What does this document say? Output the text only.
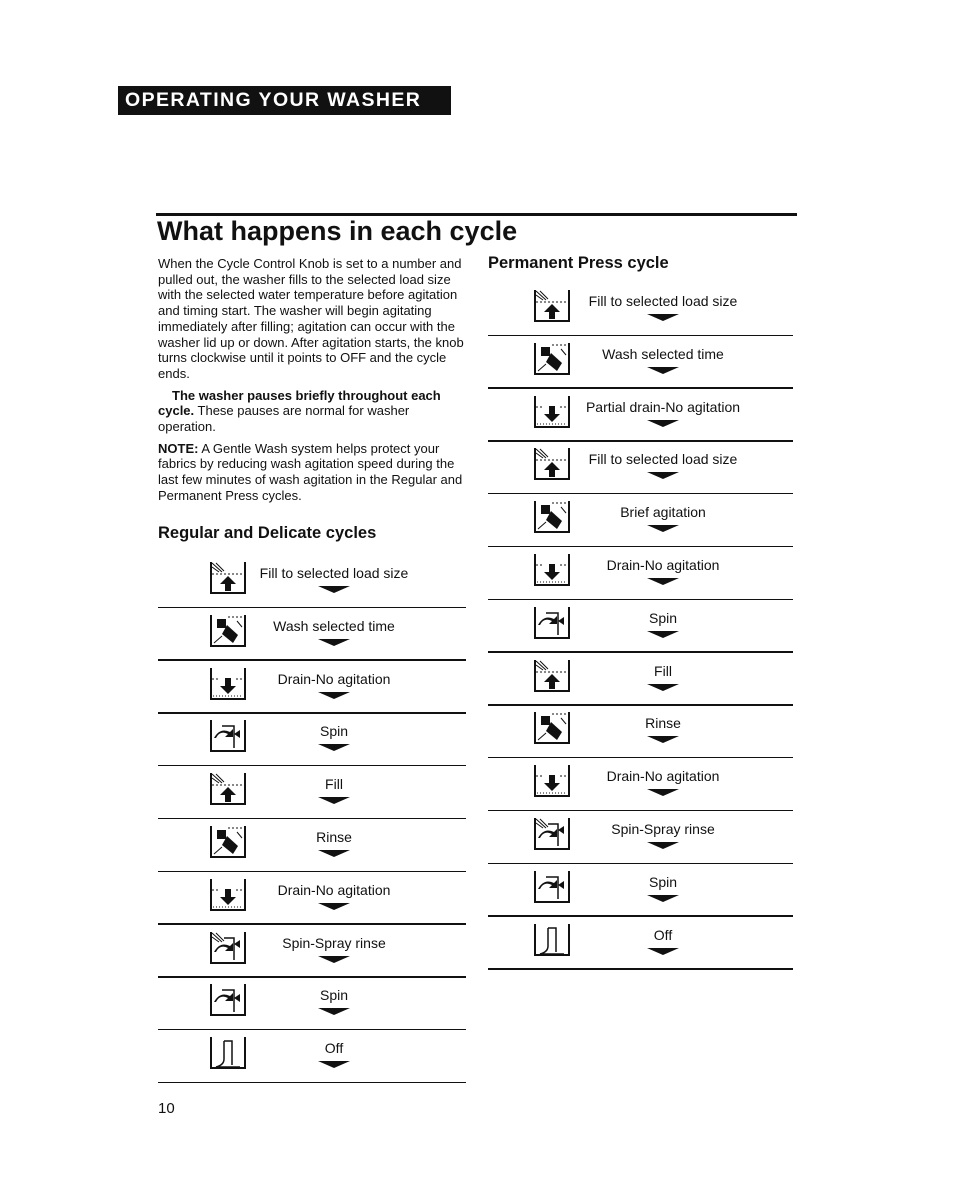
OPERATING YOUR WASHER
What happens in each cycle

When the Cycle Control Knob is set to a number and pulled out, the washer fills to the selected load size with the selected water temperature before agitation and timing start. The washer will begin agitating immediately after filling; agitation can occur with the washer lid up or down. After agitation starts, the knob turns clockwise until it points to OFF and the cycle ends.

The washer pauses briefly throughout each cycle. These pauses are normal for washer operation.

NOTE: A Gentle Wash system helps protect your fabrics by reducing wash agitation speed during the last few minutes of wash agitation in the Regular and Permanent Press cycles.

Regular and Delicate cycles
Permanent Press cycle
Fill to selected load size
Wash selected time
Drain-No agitation
Spin
Fill
Rinse
Drain-No agitation
Spin-Spray rinse
Spin
Off
Fill to selected load size
Wash selected time
Partial drain-No agitation
Fill to selected load size
Brief agitation
Drain-No agitation
Spin
Fill
Rinse
Drain-No agitation
Spin-Spray rinse
Spin
Off
10
